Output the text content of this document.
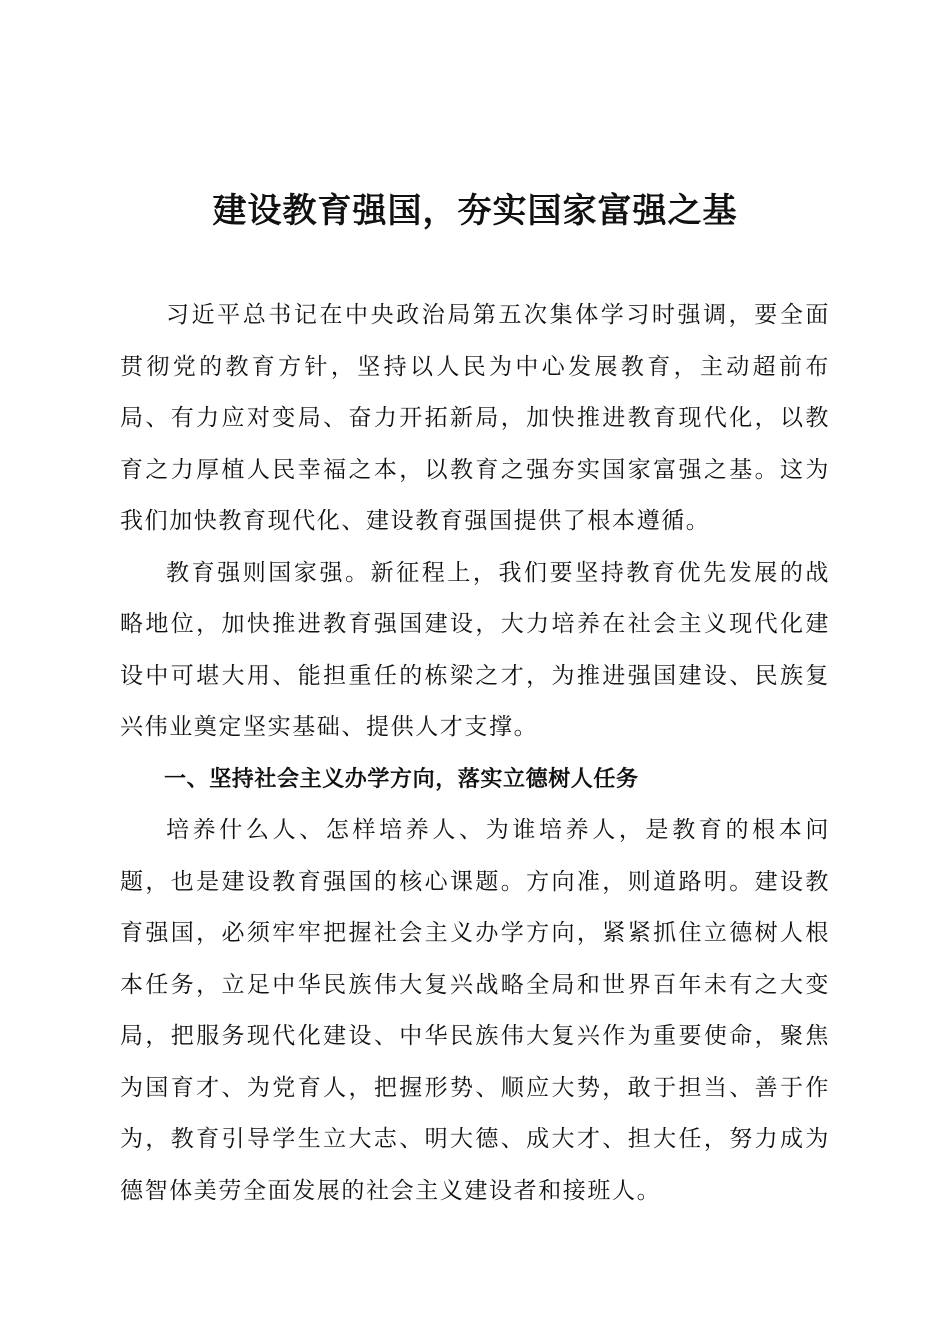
建设教育强国，夯实国家富强之基

习近平总书记在中央政治局第五次集体学习时强调，要全面贯彻党的教育方针，坚持以人民为中心发展教育，主动超前布局、有力应对变局、奋力开拓新局，加快推进教育现代化，以教育之力厚植人民幸福之本，以教育之强夯实国家富强之基。这为我们加快教育现代化、建设教育强国提供了根本遵循。

教育强则国家强。新征程上，我们要坚持教育优先发展的战略地位，加快推进教育强国建设，大力培养在社会主义现代化建设中可堪大用、能担重任的栋梁之才，为推进强国建设、民族复兴伟业奠定坚实基础、提供人才支撑。

一、坚持社会主义办学方向，落实立德树人任务

培养什么人、怎样培养人、为谁培养人，是教育的根本问题，也是建设教育强国的核心课题。方向准，则道路明。建设教育强国，必须牢牢把握社会主义办学方向，紧紧抓住立德树人根本任务，立足中华民族伟大复兴战略全局和世界百年未有之大变局，把服务现代化建设、中华民族伟大复兴作为重要使命，聚焦为国育才、为党育人，把握形势、顺应大势，敢于担当、善于作为，教育引导学生立大志、明大德、成大才、担大任，努力成为德智体美劳全面发展的社会主义建设者和接班人。
